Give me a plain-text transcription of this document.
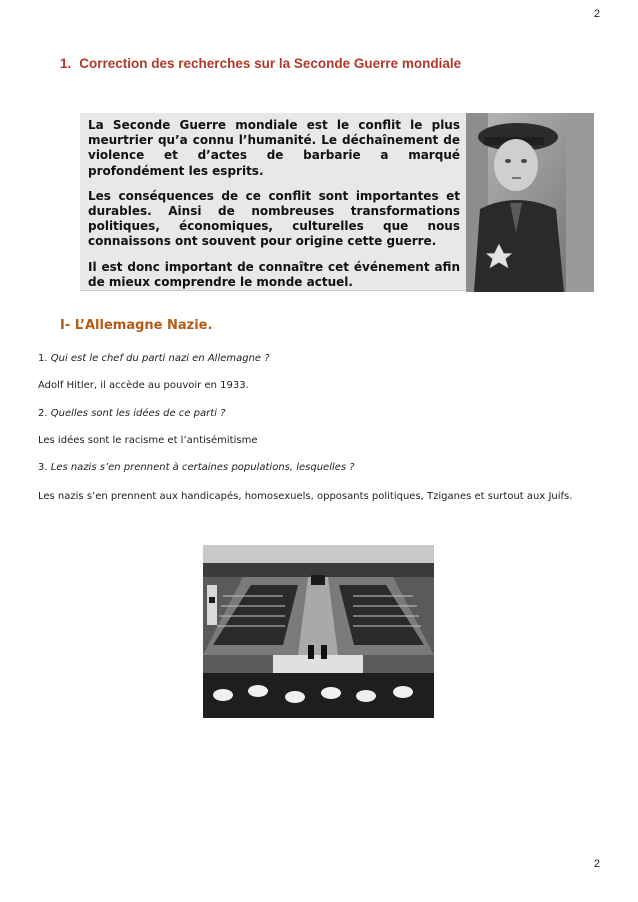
2
1. Correction des recherches sur la Seconde Guerre mondiale

La Seconde Guerre mondiale est le conflit le plus meurtrier qu’a connu l’humanité. Le déchaînement de violence et d’actes de barbarie a marqué profondément les esprits.

Les conséquences de ce conflit sont importantes et durables. Ainsi de nombreuses transformations politiques, économiques, culturelles que nous connaissons ont souvent pour origine cette guerre.

Il est donc important de connaître cet événement afin de mieux comprendre le monde actuel.

I- L’Allemagne Nazie.
1. Qui est le chef du parti nazi en Allemagne ?
Adolf Hitler, il accède au pouvoir en 1933.
2. Quelles sont les idées de ce parti ?
Les idées sont le racisme et l’antisémitisme
3. Les nazis s’en prennent à certaines populations, lesquelles ?
Les nazis s’en prennent aux handicapés, homosexuels, opposants politiques, Tziganes et surtout aux Juifs.
2
